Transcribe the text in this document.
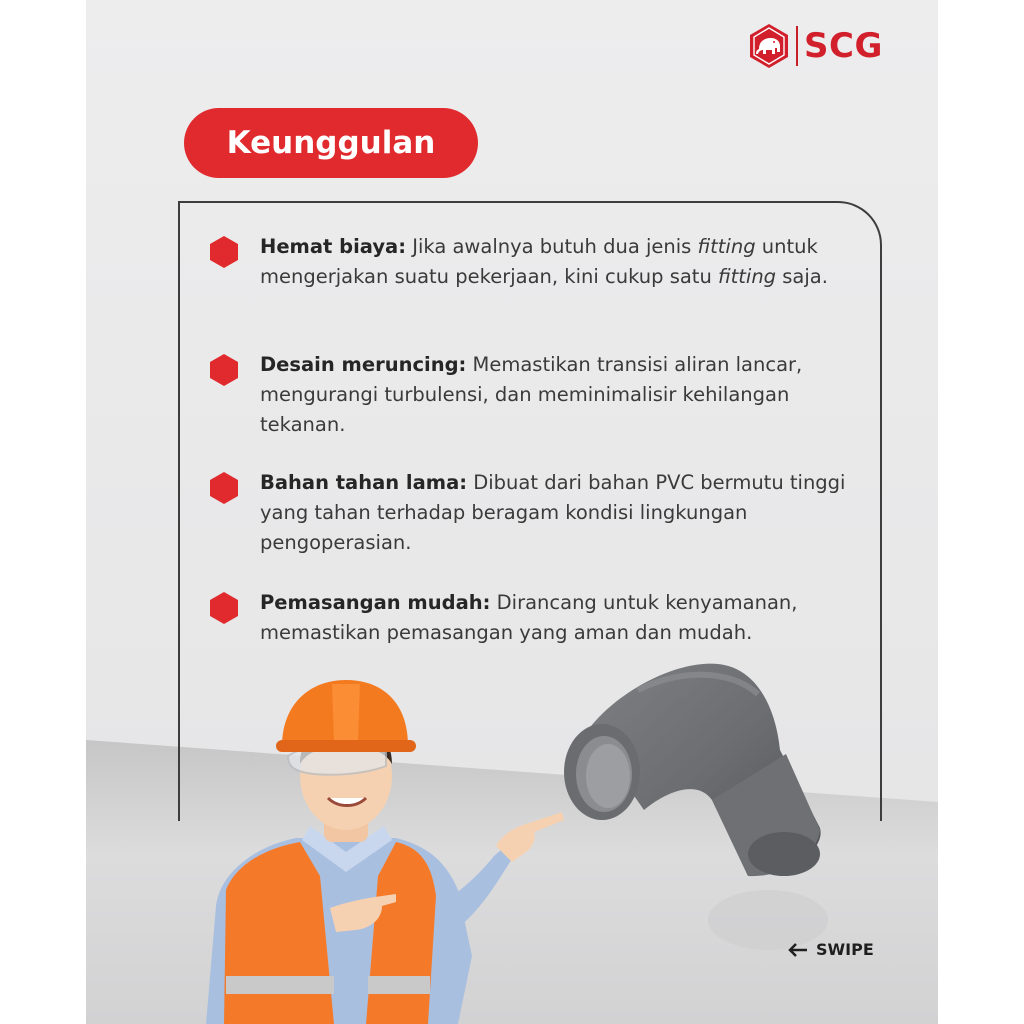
SCG
Keunggulan
Hemat biaya: Jika awalnya butuh dua jenis fitting untuk mengerjakan suatu pekerjaan, kini cukup satu fitting saja.
Desain meruncing: Memastikan transisi aliran lancar, mengurangi turbulensi, dan meminimalisir kehilangan tekanan.
Bahan tahan lama: Dibuat dari bahan PVC bermutu tinggi yang tahan terhadap beragam kondisi lingkungan pengoperasian.
Pemasangan mudah: Dirancang untuk kenyamanan, memastikan pemasangan yang aman dan mudah.
SWIPE
